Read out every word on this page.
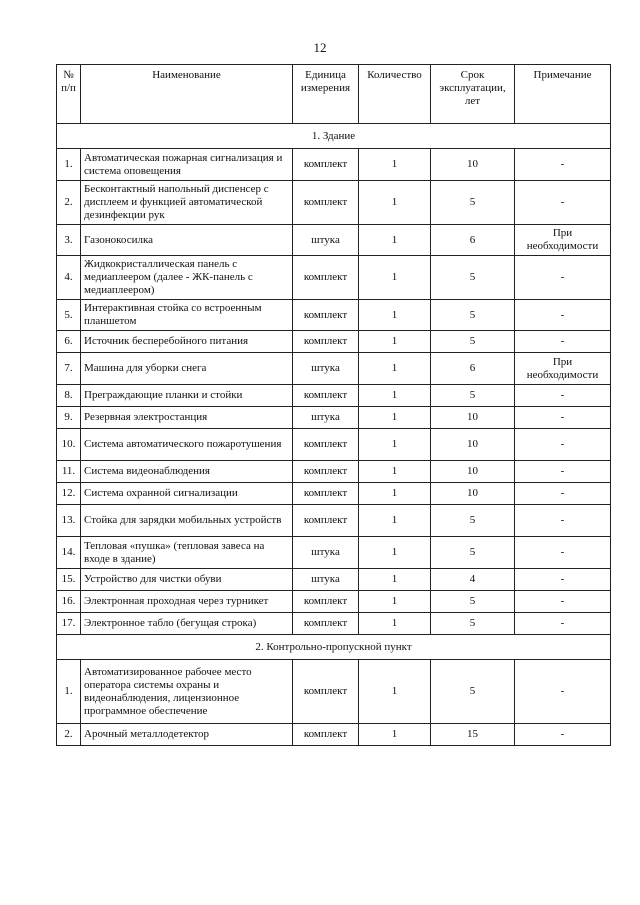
12
№ п/п	Наименование	Единица измерения	Количество	Срок эксплуатации, лет	Примечание
1. Здание					
1.	Автоматическая пожарная сигнализация и система оповещения	комплект	1	10	-
2.	Бесконтактный напольный диспенсер с дисплеем и функцией автоматической дезинфекции рук	комплект	1	5	-
3.	Газонокосилка	штука	1	6	При необходимости
4.	Жидкокристаллическая панель с медиаплеером (далее - ЖК-панель с медиаплеером)	комплект	1	5	-
5.	Интерактивная стойка со встроенным планшетом	комплект	1	5	-
6.	Источник бесперебойного питания	комплект	1	5	-
7.	Машина для уборки снега	штука	1	6	При необходимости
8.	Преграждающие планки и стойки	комплект	1	5	-
9.	Резервная электростанция	штука	1	10	-
10.	Система автоматического пожаротушения	комплект	1	10	-
11.	Система видеонаблюдения	комплект	1	10	-
12.	Система охранной сигнализации	комплект	1	10	-
13.	Стойка для зарядки мобильных устройств	комплект	1	5	-
14.	Тепловая «пушка» (тепловая завеса на входе в здание)	штука	1	5	-
15.	Устройство для чистки обуви	штука	1	4	-
16.	Электронная проходная через турникет	комплект	1	5	-
17.	Электронное табло (бегущая строка)	комплект	1	5	-
2. Контрольно-пропускной пункт					
1.	Автоматизированное рабочее место оператора системы охраны и видеонаблюдения, лицензионное программное обеспечение	комплект	1	5	-
2.	Арочный металлодетектор	комплект	1	15	-
